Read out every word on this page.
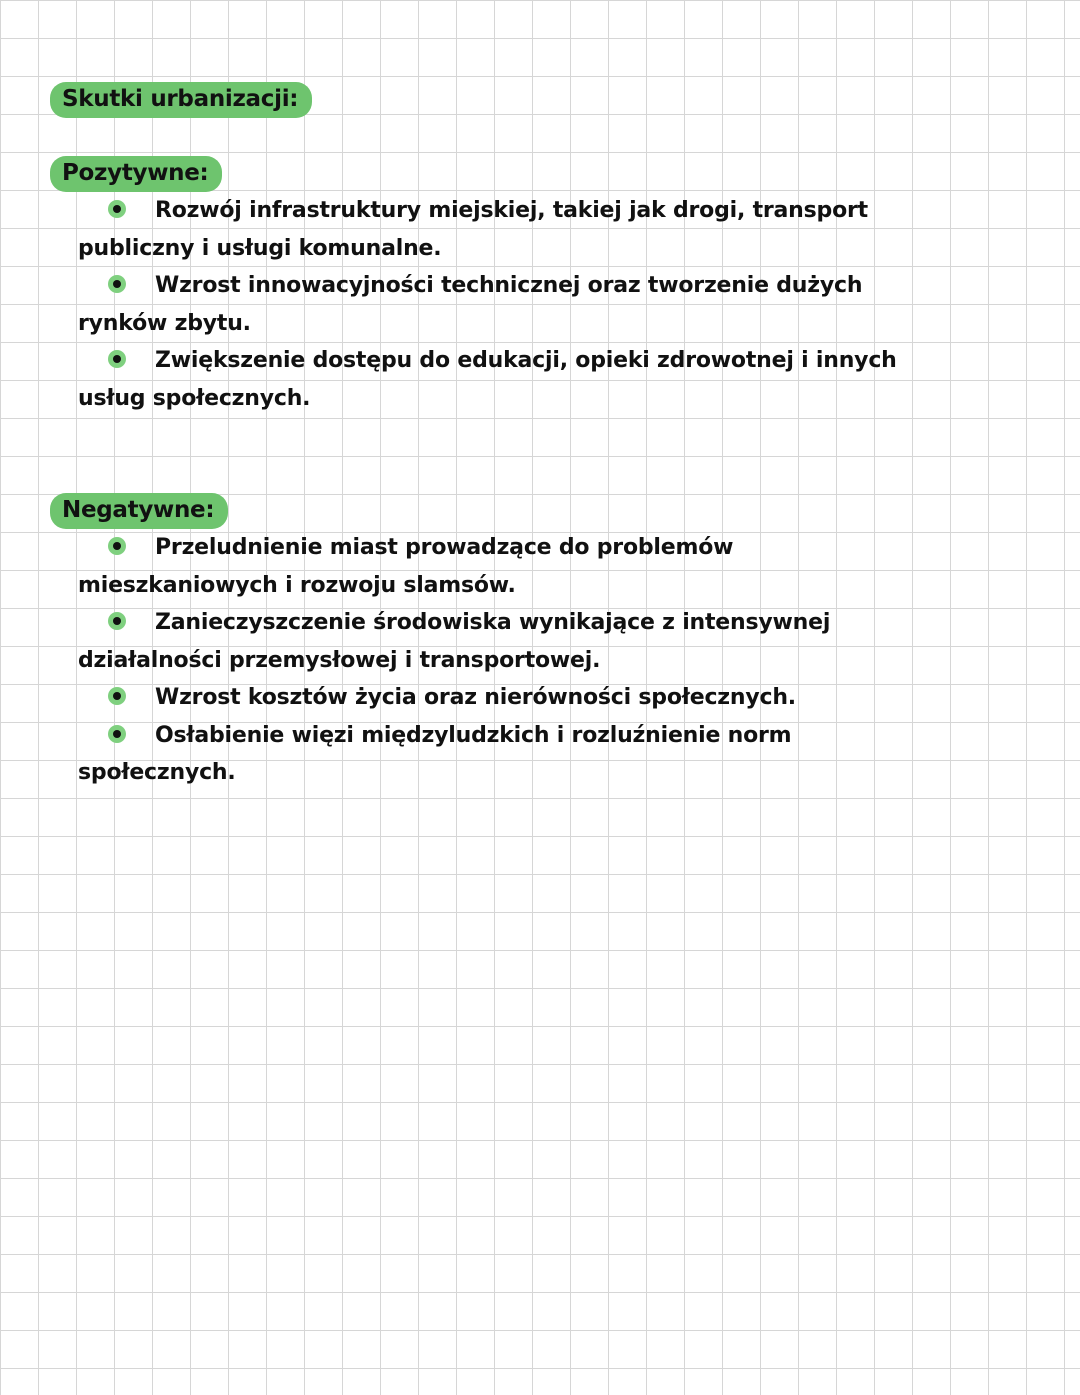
Skutki urbanizacji:
Pozytywne:
Rozwój infrastruktury miejskiej, takiej jak drogi, transport publiczny i usługi komunalne.
Wzrost innowacyjności technicznej oraz tworzenie dużych rynków zbytu.
Zwiększenie dostępu do edukacji, opieki zdrowotnej i innych usług społecznych.
Negatywne:
Przeludnienie miast prowadzące do problemów mieszkaniowych i rozwoju slamsów.
Zanieczyszczenie środowiska wynikające z intensywnej działalności przemysłowej i transportowej.
Wzrost kosztów życia oraz nierówności społecznych.
Osłabienie więzi międzyludzkich i rozluźnienie norm społecznych.
